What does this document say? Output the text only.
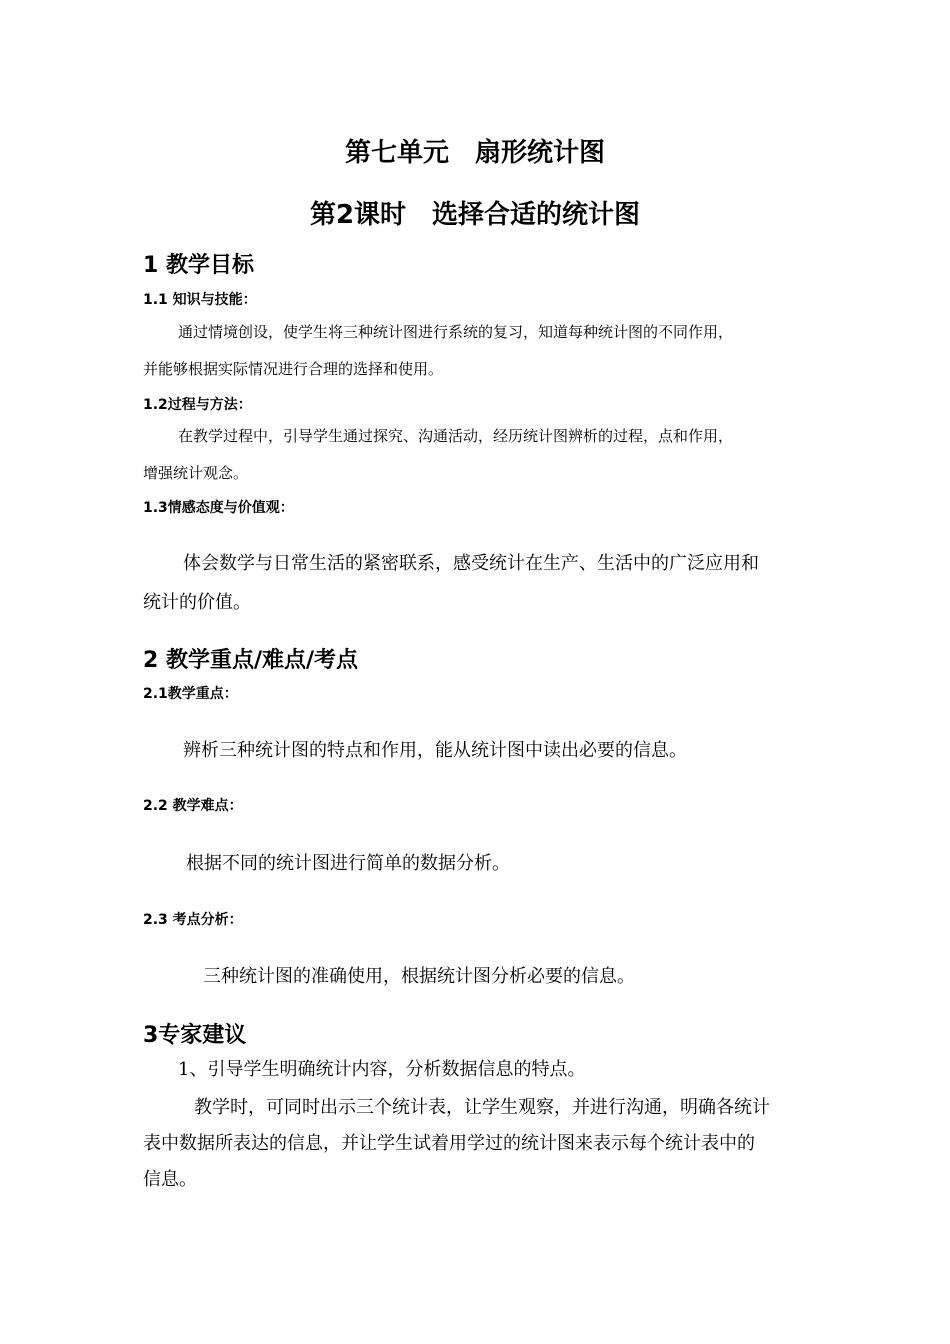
第七单元　扇形统计图
第2课时　选择合适的统计图
1 教学目标
1.1 知识与技能：
通过情境创设，使学生将三种统计图进行系统的复习，知道每种统计图的不同作用，
并能够根据实际情况进行合理的选择和使用。
1.2过程与方法：
在教学过程中，引导学生通过探究、沟通活动，经历统计图辨析的过程，点和作用，
增强统计观念。
1.3情感态度与价值观：
体会数学与日常生活的紧密联系，感受统计在生产、生活中的广泛应用和
统计的价值。
2 教学重点/难点/考点
2.1教学重点：
辨析三种统计图的特点和作用，能从统计图中读出必要的信息。
2.2 教学难点：
根据不同的统计图进行简单的数据分析。
2.3 考点分析：
三种统计图的准确使用，根据统计图分析必要的信息。
3专家建议
1、引导学生明确统计内容，分析数据信息的特点。
教学时，可同时出示三个统计表，让学生观察，并进行沟通，明确各统计
表中数据所表达的信息，并让学生试着用学过的统计图来表示每个统计表中的
信息。
